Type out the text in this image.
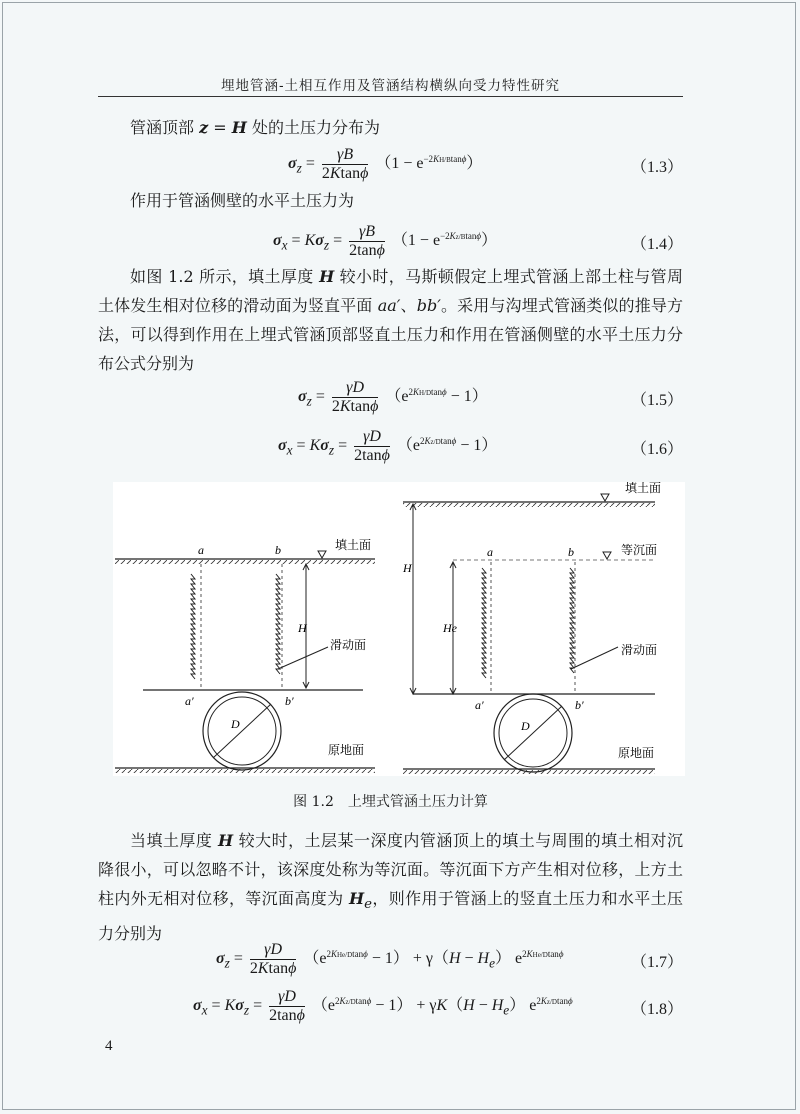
埋地管涵-土相互作用及管涵结构横纵向受力特性研究
管涵顶部 z = H 处的土压力分布为
$\sigma_z = \frac{\gamma B}{2Ktan\phi} (1 - e^{-2KH/Btan\phi})$	（1.3）
作用于管涵侧壁的水平土压力为
$\sigma_x = K\sigma_z = \frac{\gamma B}{2\tan\phi} (1 - e^{-2Kz/Btan\phi})$	（1.4）
如图 1.2 所示，填土厚度 H 较小时，马斯顿假定上埋式管涵上部土柱与管周土体发生相对位移的滑动面为竖直平面 aa′、bb′。采用与沟埋式管涵类似的推导方法，可以得到作用在上埋式管涵顶部竖直土压力和作用在管涵侧壁的水平土压力分布公式分别为
$\sigma_z = \frac{\gamma D}{2Ktan\phi} (e^{2KH/Dtan\phi} - 1)$	（1.5）
$\sigma_x = K\sigma_z = \frac{\gamma D}{2\tan\phi} (e^{2Kz/Dtan\phi} - 1)$	（1.6）
填土面
a	b
H
滑动面
a′	b′
D
原地面
填土面
等沉面
H
He
a	b
滑动面
a′	b′
D
原地面
图 1.2　上埋式管涵土压力计算
当填土厚度 H 较大时，土层某一深度内管涵顶上的填土与周围的填土相对沉降很小，可以忽略不计，该深度处称为等沉面。等沉面下方产生相对位移，上方土柱内外无相对位移，等沉面高度为 $H_e$，则作用于管涵上的竖直土压力和水平土压力分别为
$\sigma_z = \frac{\gamma D}{2Ktan\phi} (e^{2KHe/Dtan\phi} - 1) + \gamma(H - H_e)$ $e^{2KHe/Dtan\phi}$
（1.7）
$\sigma_x = K\sigma_z = \frac{\gamma D}{2\tan\phi} (e^{2Kz/Dtan\phi} - 1) + \gamma K(H - H_e)$ $e^{2Kz/Dtan\phi}$
（1.8）
4
